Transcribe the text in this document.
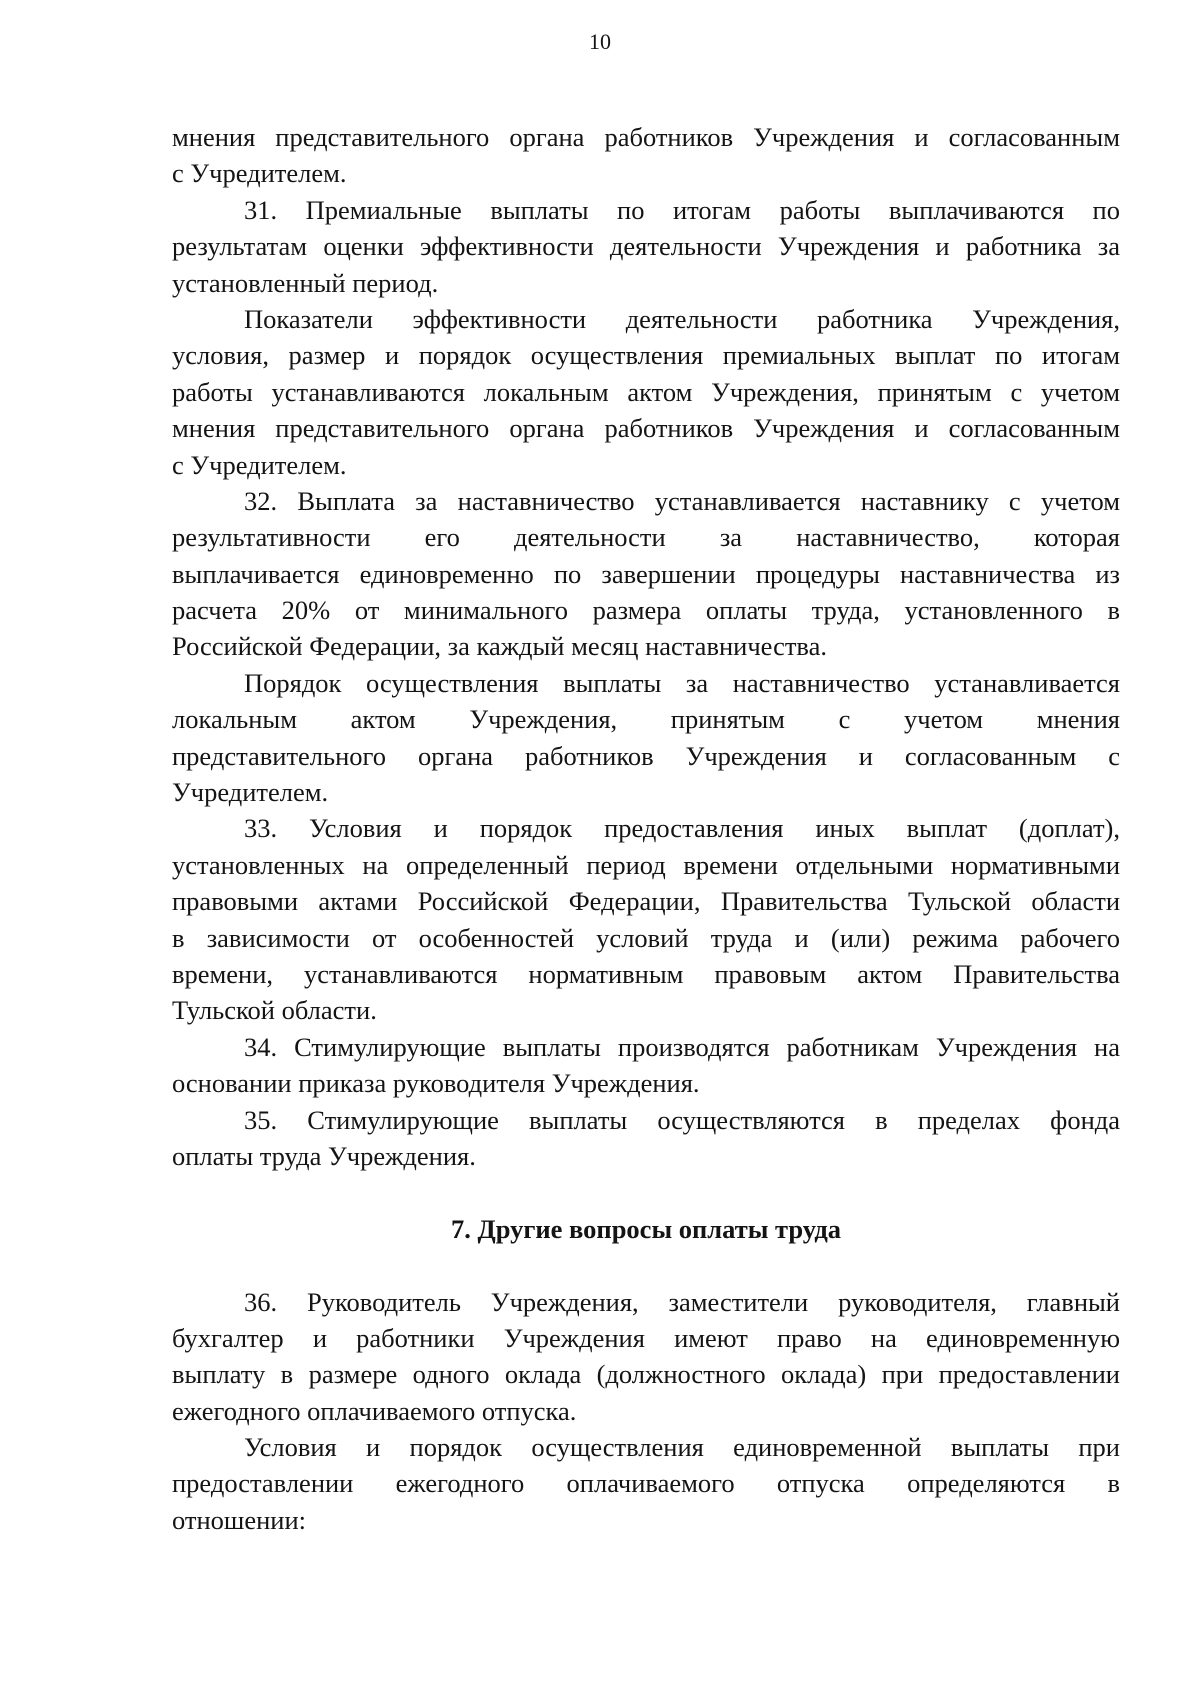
10
мнения представительного органа работников Учреждения и согласованным
с Учредителем.
31. Премиальные выплаты по итогам работы выплачиваются по
результатам оценки эффективности деятельности Учреждения и работника за
установленный период.
Показатели эффективности деятельности работника Учреждения,
условия, размер и порядок осуществления премиальных выплат по итогам
работы устанавливаются локальным актом Учреждения, принятым с учетом
мнения представительного органа работников Учреждения и согласованным
с Учредителем.
32. Выплата за наставничество устанавливается наставнику с учетом
результативности его деятельности за наставничество, которая
выплачивается единовременно по завершении процедуры наставничества из
расчета 20% от минимального размера оплаты труда, установленного в
Российской Федерации, за каждый месяц наставничества.
Порядок осуществления выплаты за наставничество устанавливается
локальным актом Учреждения, принятым с учетом мнения
представительного органа работников Учреждения и согласованным с
Учредителем.
33. Условия и порядок предоставления иных выплат (доплат),
установленных на определенный период времени отдельными нормативными
правовыми актами Российской Федерации, Правительства Тульской области
в зависимости от особенностей условий труда и (или) режима рабочего
времени, устанавливаются нормативным правовым актом Правительства
Тульской области.
34. Стимулирующие выплаты производятся работникам Учреждения на
основании приказа руководителя Учреждения.
35. Стимулирующие выплаты осуществляются в пределах фонда
оплаты труда Учреждения.
7. Другие вопросы оплаты труда
36. Руководитель Учреждения, заместители руководителя, главный
бухгалтер и работники Учреждения имеют право на единовременную
выплату в размере одного оклада (должностного оклада) при предоставлении
ежегодного оплачиваемого отпуска.
Условия и порядок осуществления единовременной выплаты при
предоставлении ежегодного оплачиваемого отпуска определяются в
отношении:
